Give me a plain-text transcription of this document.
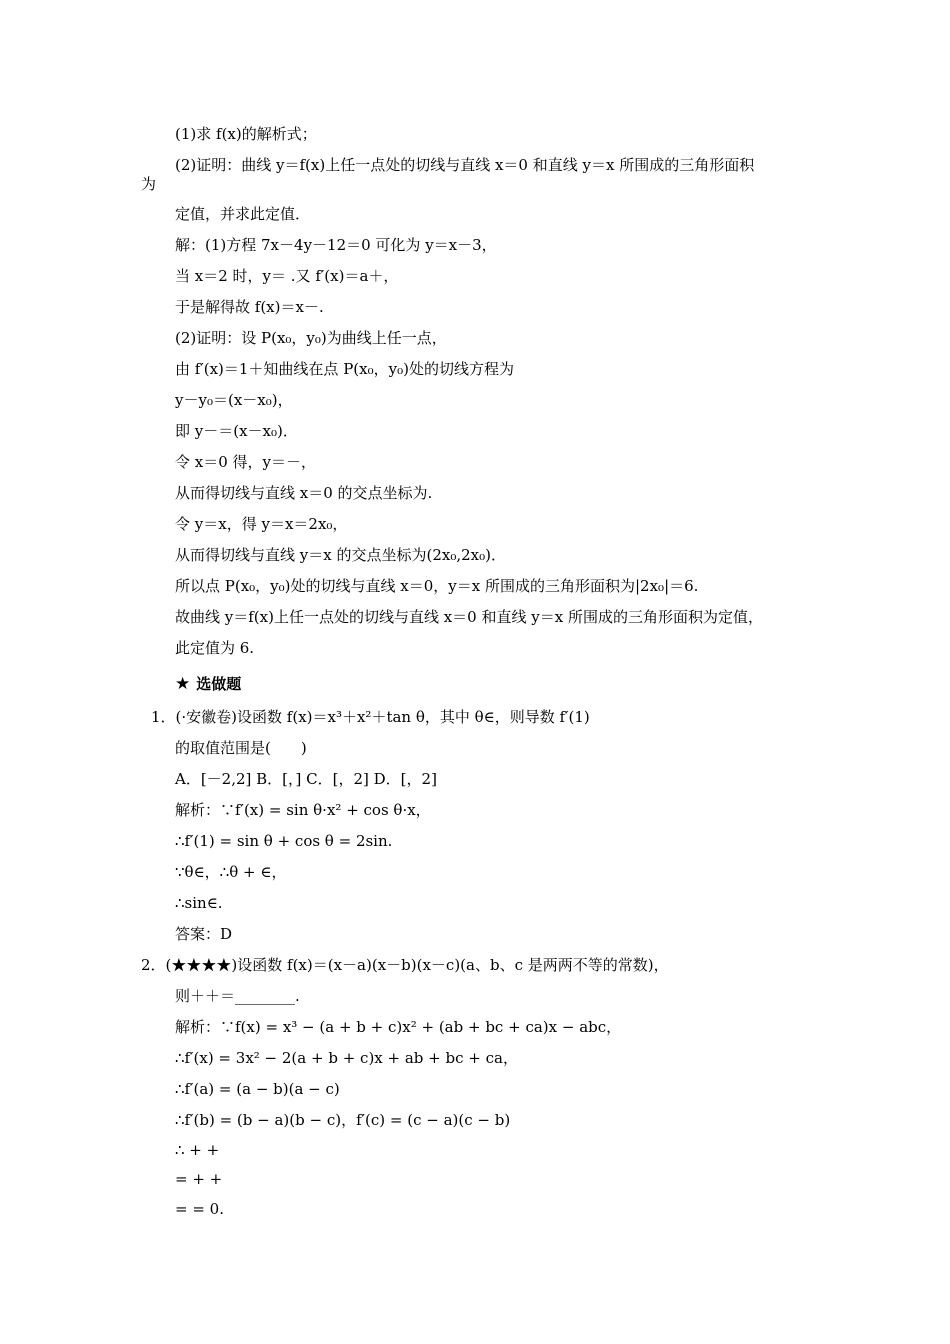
(1)求 f(x)的解析式；
(2)证明：曲线 y＝f(x)上任一点处的切线与直线 x＝0 和直线 y＝x 所围成的三角形面积
为
定值，并求此定值．
解：(1)方程 7x－4y－12＝0 可化为 y＝x－3，
当 x＝2 时，y＝ .又 f′(x)＝a＋，
于是解得故 f(x)＝x－.
(2)证明：设 P(x₀，y₀)为曲线上任一点，
由 f′(x)＝1＋知曲线在点 P(x₀，y₀)处的切线方程为
y－y₀＝(x－x₀)，
即 y－＝(x－x₀)．
令 x＝0 得，y＝－，
从而得切线与直线 x＝0 的交点坐标为.
令 y＝x，得 y＝x＝2x₀，
从而得切线与直线 y＝x 的交点坐标为(2x₀,2x₀)．
所以点 P(x₀，y₀)处的切线与直线 x＝0，y＝x 所围成的三角形面积为|2x₀|＝6.
故曲线 y＝f(x)上任一点处的切线与直线 x＝0 和直线 y＝x 所围成的三角形面积为定值，
此定值为 6.
★ 选做题
1．(·安徽卷)设函数 f(x)＝x³＋x²＋tan θ，其中 θ∈，则导数 f′(1)
的取值范围是(　　)
A．[－2,2] B．[，] C．[，2] D．[，2]
解析：∵f′(x) = sin θ·x² + cos θ·x，
∴f′(1) = sin θ + cos θ = 2sin.
∵θ∈，∴θ + ∈，
∴sin∈.
答案：D
2．(★★★★)设函数 f(x)＝(x－a)(x－b)(x－c)(a、b、c 是两两不等的常数)，
则＋＋＝________.
解析：∵f(x) = x³ − (a + b + c)x² + (ab + bc + ca)x − abc，
∴f′(x) = 3x² − 2(a + b + c)x + ab + bc + ca，
∴f′(a) = (a − b)(a − c)
∴f′(b) = (b − a)(b − c)，f′(c) = (c − a)(c − b)
∴ + +
= + +
= = 0.
